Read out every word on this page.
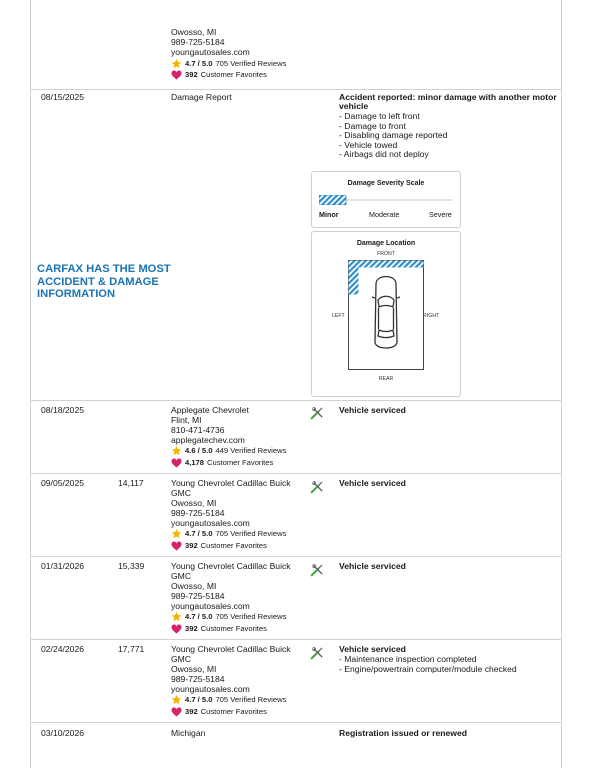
Owosso, MI
989-725-5184
youngautosales.com
4.7 / 5.0 705 Verified Reviews
392 Customer Favorites
08/15/2025	Damage Report	Accident reported: minor damage with another motor
vehicle
- Damage to left front
- Damage to front
- Disabling damage reported
- Vehicle towed
- Airbags did not deploy
CARFAX HAS THE MOST
ACCIDENT & DAMAGE
INFORMATION
Damage Severity Scale
Minor	Moderate	Severe
Damage Location
FRONT
REAR
LEFT	RIGHT
08/18/2025	Applegate Chevrolet
Flint, MI
810-471-4736
applegatechev.com
4.6 / 5.0 449 Verified Reviews
4,178 Customer Favorites
Vehicle serviced
09/05/2025	14,117	Young Chevrolet Cadillac Buick
GMC
Owosso, MI
989-725-5184
youngautosales.com
4.7 / 5.0 705 Verified Reviews
392 Customer Favorites
Vehicle serviced
01/31/2026	15,339	Young Chevrolet Cadillac Buick
GMC
Owosso, MI
989-725-5184
youngautosales.com
4.7 / 5.0 705 Verified Reviews
392 Customer Favorites
Vehicle serviced
02/24/2026	17,771	Young Chevrolet Cadillac Buick
GMC
Owosso, MI
989-725-5184
youngautosales.com
4.7 / 5.0 705 Verified Reviews
392 Customer Favorites
Vehicle serviced
- Maintenance inspection completed
- Engine/powertrain computer/module checked
03/10/2026	Michigan	Registration issued or renewed
